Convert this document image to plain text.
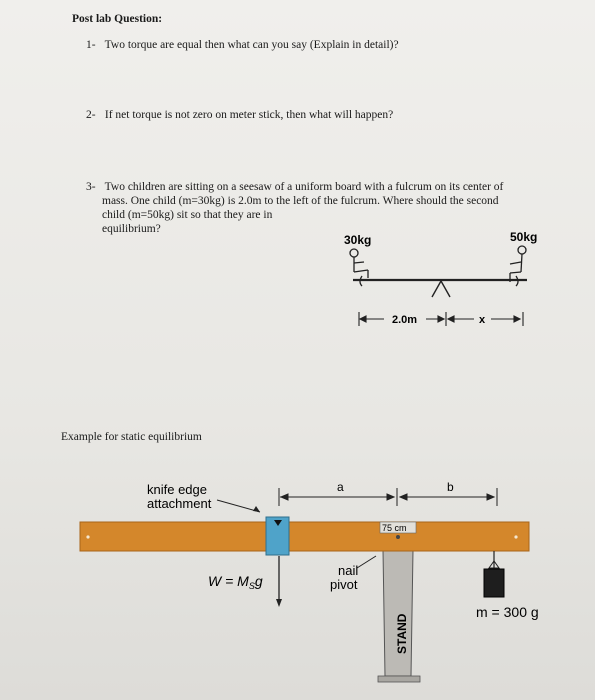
Post lab Question:
1- Two torque are equal then what can you say (Explain in detail)?
2- If net torque is not zero on meter stick, then what will happen?
3- Two children are sitting on a seesaw of a uniform board with a fulcrum on its center of
mass. One child (m=30kg) is 2.0m to the left of the fulcrum. Where should the second
child (m=50kg) sit so that they are in
equilibrium?
30kg	50kg
2.0m	x
Example for static equilibrium
knife edge
attachment
a	b
STAND
75 cm
nail
pivot
$W = M_Sg$
m = 300 g
